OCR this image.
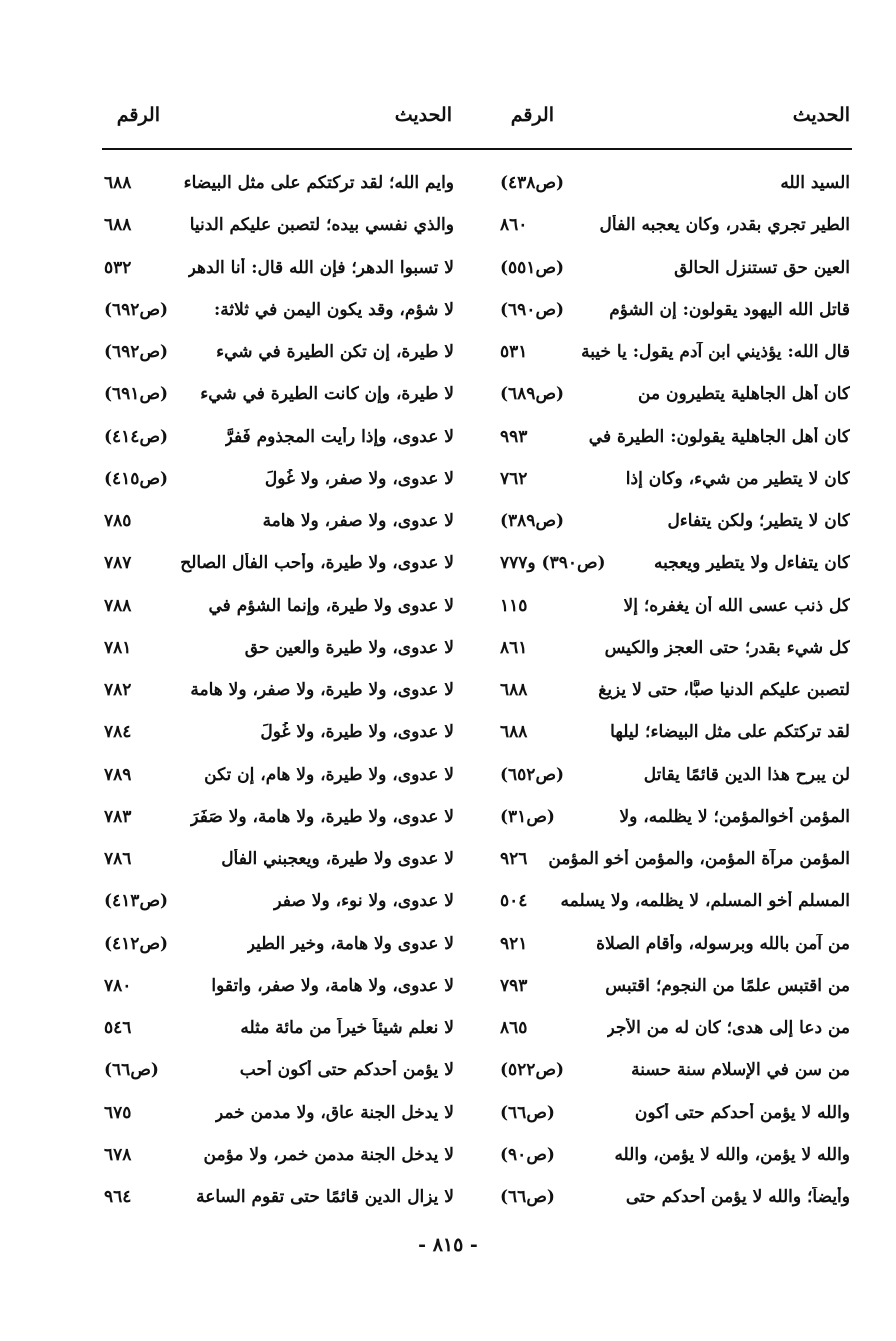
الحديث
الرقم
الحديث
الرقم
السيد الله
(ص٤٣٨)
الطير تجري بقدر، وكان يعجبه الفأل
٨٦٠
العين حق تستنزل الحالق
(ص٥٥١)
قاتل الله اليهود يقولون: إن الشؤم
(ص٦٩٠)
قال الله: يؤذيني ابن آدم يقول: يا خيبة
٥٣١
كان أهل الجاهلية يتطيرون من
(ص٦٨٩)
كان أهل الجاهلية يقولون: الطيرة في
٩٩٣
كان لا يتطير من شيء، وكان إذا
٧٦٢
كان لا يتطير؛ ولكن يتفاءل
(ص٣٨٩)
كان يتفاءل ولا يتطير ويعجبه
(ص٣٩٠) و٧٧٧
كل ذنب عسى الله أن يغفره؛ إلا
١١٥
كل شيء بقدر؛ حتى العجز والكيس
٨٦١
لتصبن عليكم الدنيا صبًّا، حتى لا يزيغ
٦٨٨
لقد تركتكم على مثل البيضاء؛ ليلها
٦٨٨
لن يبرح هذا الدين قائمًا يقاتل
(ص٦٥٢)
المؤمن أخوالمؤمن؛ لا يظلمه، ولا
(ص٣١)
المؤمن مرآة المؤمن، والمؤمن أخو المؤمن
٩٢٦
المسلم أخو المسلم، لا يظلمه، ولا يسلمه
٥٠٤
من آمن بالله وبرسوله، وأقام الصلاة
٩٢١
من اقتبس علمًا من النجوم؛ اقتبس
٧٩٣
من دعا إلى هدى؛ كان له من الأجر
٨٦٥
من سن في الإسلام سنة حسنة
(ص٥٢٢)
والله لا يؤمن أحدكم حتى أكون
(ص٦٦)
والله لا يؤمن، والله لا يؤمن، والله
(ص٩٠)
وأيضاً؛ والله لا يؤمن أحدكم حتى
(ص٦٦)
وايم الله؛ لقد تركتكم على مثل البيضاء
٦٨٨
والذي نفسي بيده؛ لتصبن عليكم الدنيا
٦٨٨
لا تسبوا الدهر؛ فإن الله قال: أنا الدهر
٥٣٢
لا شؤم، وقد يكون اليمن في ثلاثة:
(ص٦٩٢)
لا طيرة، إن تكن الطيرة في شيء
(ص٦٩٢)
لا طيرة، وإن كانت الطيرة في شيء
(ص٦٩١)
لا عدوى، وإذا رأيت المجذوم فَفرَّ
(ص٤١٤)
لا عدوى، ولا صفر، ولا غُولَ
(ص٤١٥)
لا عدوى، ولا صفر، ولا هامة
٧٨٥
لا عدوى، ولا طيرة، وأحب الفأل الصالح
٧٨٧
لا عدوى ولا طيرة، وإنما الشؤم في
٧٨٨
لا عدوى، ولا طيرة والعين حق
٧٨١
لا عدوى، ولا طيرة، ولا صفر، ولا هامة
٧٨٢
لا عدوى، ولا طيرة، ولا غُولَ
٧٨٤
لا عدوى، ولا طيرة، ولا هام، إن تكن
٧٨٩
لا عدوى، ولا طيرة، ولا هامة، ولا صَفَرَ
٧٨٣
لا عدوى ولا طيرة، ويعجبني الفأل
٧٨٦
لا عدوى، ولا نوء، ولا صفر
(ص٤١٣)
لا عدوى ولا هامة، وخير الطير
(ص٤١٢)
لا عدوى، ولا هامة، ولا صفر، واتقوا
٧٨٠
لا نعلم شيئاً خيراً من مائة مثله
٥٤٦
لا يؤمن أحدكم حتى أكون أحب
(ص٦٦)
لا يدخل الجنة عاق، ولا مدمن خمر
٦٧٥
لا يدخل الجنة مدمن خمر، ولا مؤمن
٦٧٨
لا يزال الدين قائمًا حتى تقوم الساعة
٩٦٤
- ٨١٥ -
